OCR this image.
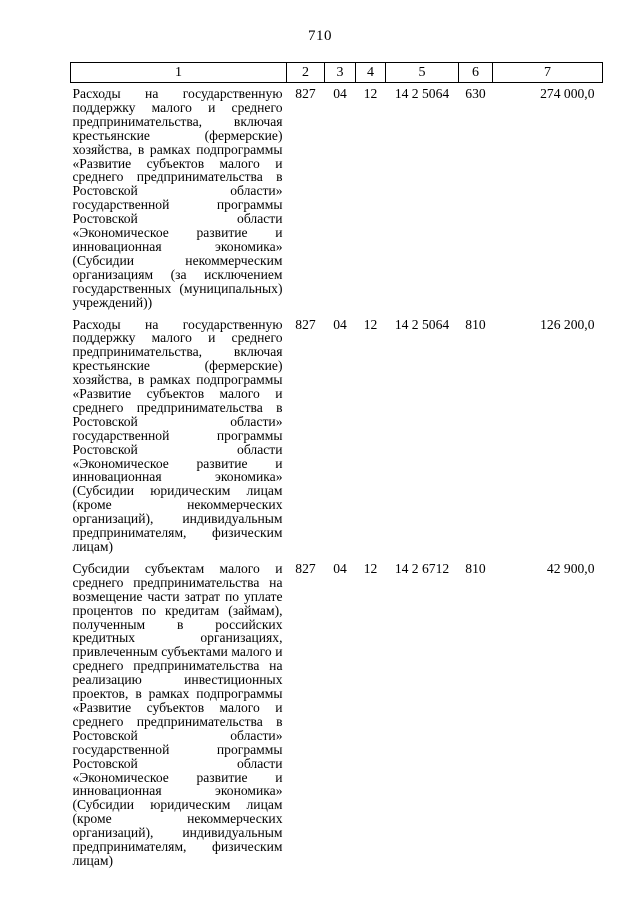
710
1	2	3	4	5	6	7

Расходы на государственную поддержку малого и среднего предпринимательства, включая крестьянские (фермерские) хозяйства, в рамках подпрограммы «Развитие субъектов малого и среднего предпринимательства в Ростовской области» государственной программы Ростовской области «Экономическое развитие и инновационная экономика» (Субсидии некоммерческим организациям (за исключением государственных (муниципальных) учреждений))	827	04	12	14 2 5064	630	274 000,0
Расходы на государственную поддержку малого и среднего предпринимательства, включая крестьянские (фермерские) хозяйства, в рамках подпрограммы «Развитие субъектов малого и среднего предпринимательства в Ростовской области» государственной программы Ростовской области «Экономическое развитие и инновационная экономика» (Субсидии юридическим лицам (кроме некоммерческих организаций), индивидуальным предпринимателям, физическим лицам)	827	04	12	14 2 5064	810	126 200,0
Субсидии субъектам малого и среднего предпринимательства на возмещение части затрат по уплате процентов по кредитам (займам), полученным в российских кредитных организациях, привлеченным субъектами малого и среднего предпринимательства на реализацию инвестиционных проектов, в рамках подпрограммы «Развитие субъектов малого и среднего предпринимательства в Ростовской области» государственной программы Ростовской области «Экономическое развитие и инновационная экономика» (Субсидии юридическим лицам (кроме некоммерческих организаций), индивидуальным предпринимателям, физическим лицам)	827	04	12	14 2 6712	810	42 900,0
